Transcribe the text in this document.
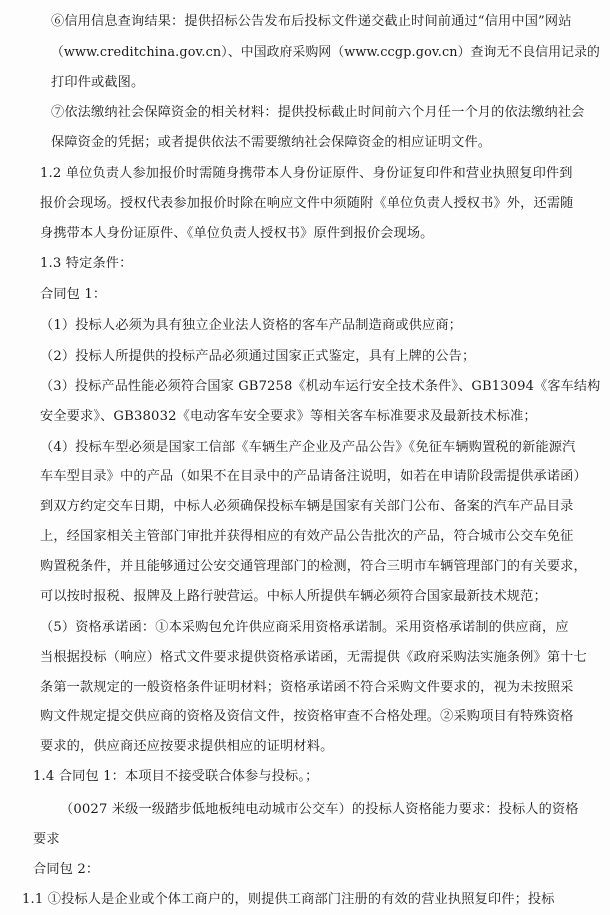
⑥信用信息查询结果：提供招标公告发布后投标文件递交截止时间前通过“信用中国”网站
（www.creditchina.gov.cn）、中国政府采购网（www.ccgp.gov.cn）查询无不良信用记录的
打印件或截图。
⑦依法缴纳社会保障资金的相关材料：提供投标截止时间前六个月任一个月的依法缴纳社会
保障资金的凭据；或者提供依法不需要缴纳社会保障资金的相应证明文件。
1.2 单位负责人参加报价时需随身携带本人身份证原件、身份证复印件和营业执照复印件到
报价会现场。授权代表参加报价时除在响应文件中须随附《单位负责人授权书》外，还需随
身携带本人身份证原件、《单位负责人授权书》原件到报价会现场。
1.3 特定条件：
合同包 1：
（1）投标人必须为具有独立企业法人资格的客车产品制造商或供应商；
（2）投标人所提供的投标产品必须通过国家正式鉴定，具有上牌的公告；
（3）投标产品性能必须符合国家 GB7258《机动车运行安全技术条件》、GB13094《客车结构
安全要求》、GB38032《电动客车安全要求》等相关客车标准要求及最新技术标准；
（4）投标车型必须是国家工信部《车辆生产企业及产品公告》《免征车辆购置税的新能源汽
车车型目录》中的产品（如果不在目录中的产品请备注说明，如若在申请阶段需提供承诺函）
到双方约定交车日期，中标人必须确保投标车辆是国家有关部门公布、备案的汽车产品目录
上，经国家相关主管部门审批并获得相应的有效产品公告批次的产品，符合城市公交车免征
购置税条件，并且能够通过公安交通管理部门的检测，符合三明市车辆管理部门的有关要求，
可以按时报税、报牌及上路行驶营运。中标人所提供车辆必须符合国家最新技术规范；
（5）资格承诺函：①本采购包允许供应商采用资格承诺制。采用资格承诺制的供应商，应
当根据投标（响应）格式文件要求提供资格承诺函，无需提供《政府采购法实施条例》第十七
条第一款规定的一般资格条件证明材料；资格承诺函不符合采购文件要求的，视为未按照采
购文件规定提交供应商的资格及资信文件，按资格审查不合格处理。②采购项目有特殊资格
要求的，供应商还应按要求提供相应的证明材料。
1.4 合同包 1：本项目不接受联合体参与投标。；
（0027 米级一级踏步低地板纯电动城市公交车）的投标人资格能力要求：投标人的资格
要求
合同包 2：
1.1 ①投标人是企业或个体工商户的，则提供工商部门注册的有效的营业执照复印件；投标
